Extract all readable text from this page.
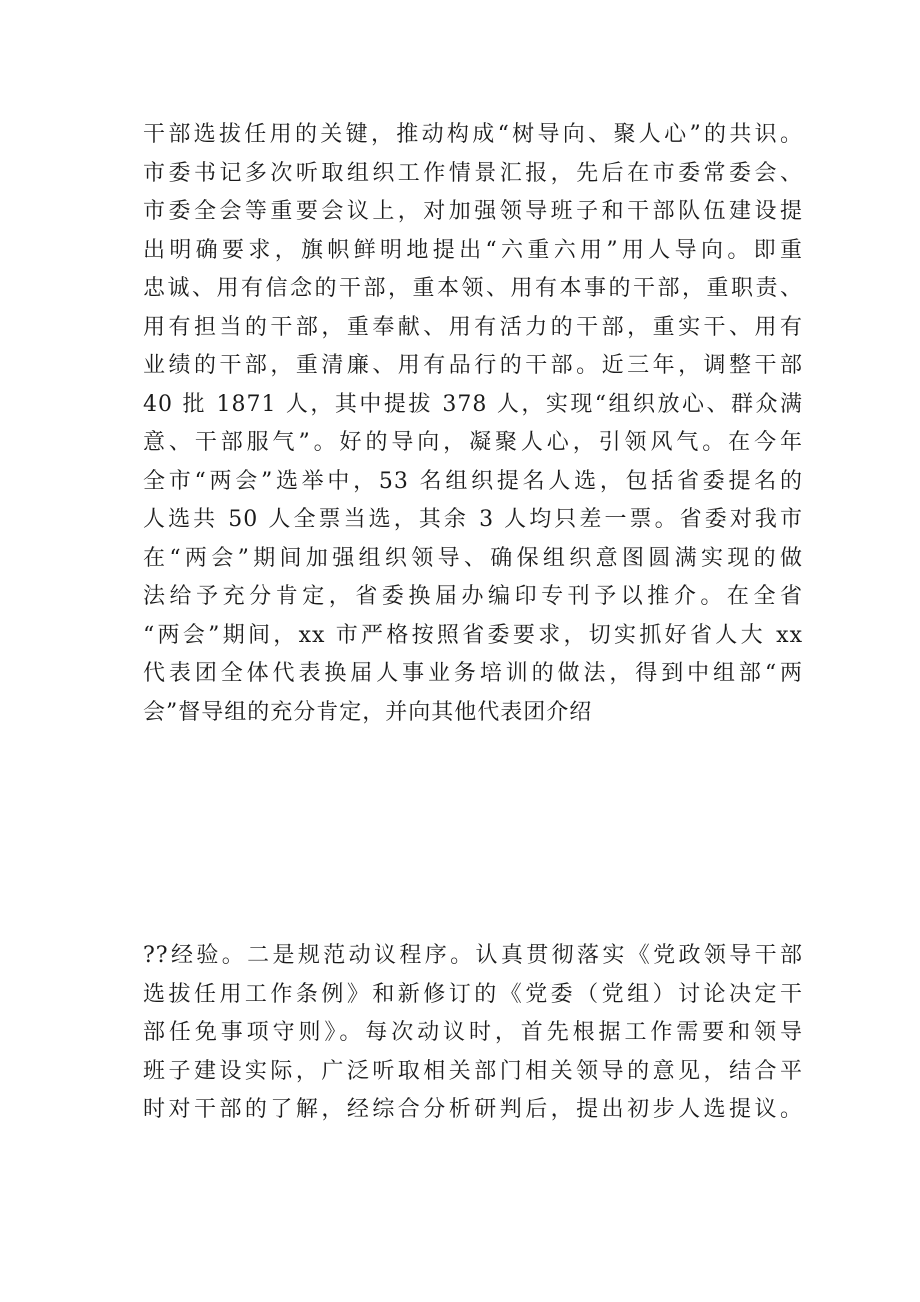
干部选拔任用的关键，推动构成“树导向、聚人心”的共识。
市委书记多次听取组织工作情景汇报，先后在市委常委会、
市委全会等重要会议上，对加强领导班子和干部队伍建设提
出明确要求，旗帜鲜明地提出“六重六用”用人导向。即重
忠诚、用有信念的干部，重本领、用有本事的干部，重职责、
用有担当的干部，重奉献、用有活力的干部，重实干、用有
业绩的干部，重清廉、用有品行的干部。近三年，调整干部
40 批 1871 人，其中提拔 378 人，实现“组织放心、群众满
意、干部服气”。好的导向，凝聚人心，引领风气。在今年
全市“两会”选举中，53 名组织提名人选，包括省委提名的
人选共 50 人全票当选，其余 3 人均只差一票。省委对我市
在“两会”期间加强组织领导、确保组织意图圆满实现的做
法给予充分肯定，省委换届办编印专刊予以推介。在全省
“两会”期间，xx 市严格按照省委要求，切实抓好省人大 xx
代表团全体代表换届人事业务培训的做法，得到中组部“两
会”督导组的充分肯定，并向其他代表团介绍
??经验。二是规范动议程序。认真贯彻落实《党政领导干部
选拔任用工作条例》和新修订的《党委（党组）讨论决定干
部任免事项守则》。每次动议时，首先根据工作需要和领导
班子建设实际，广泛听取相关部门相关领导的意见，结合平
时对干部的了解，经综合分析研判后，提出初步人选提议。
